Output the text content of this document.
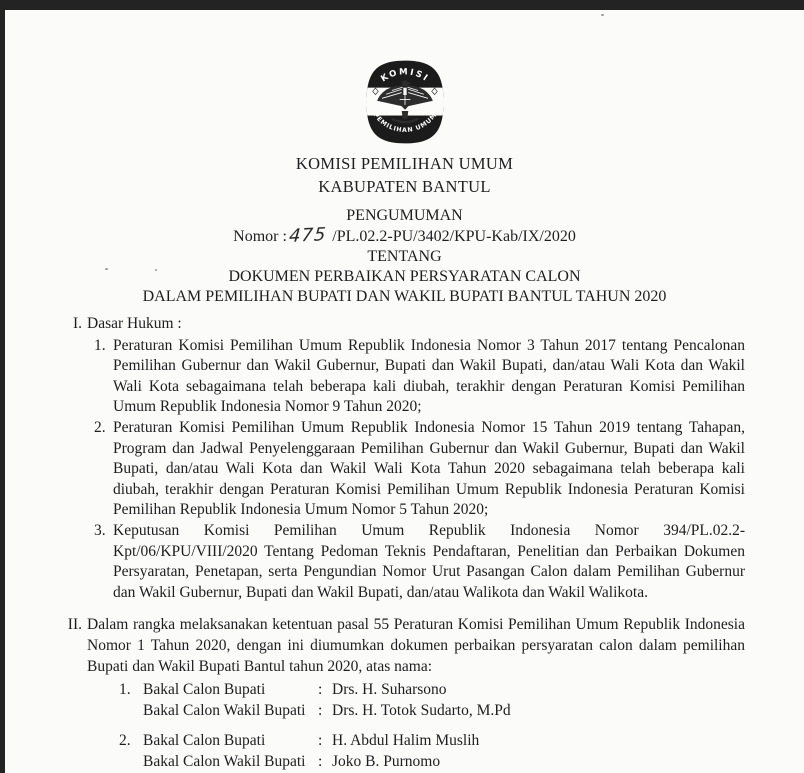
KOMISI
PEMILIHAN UMUM
KOMISI PEMILIHAN UMUM
KABUPATEN BANTUL
PENGUMUMAN
Nomor :475 /PL.02.2-PU/3402/KPU-Kab/IX/2020
TENTANG
DOKUMEN PERBAIKAN PERSYARATAN CALON
DALAM PEMILIHAN BUPATI DAN WAKIL BUPATI BANTUL TAHUN 2020
I. Dasar Hukum :
1. Peraturan Komisi Pemilihan Umum Republik Indonesia Nomor 3 Tahun 2017 tentang Pencalonan Pemilihan Gubernur dan Wakil Gubernur, Bupati dan Wakil Bupati, dan/atau Wali Kota dan Wakil Wali Kota sebagaimana telah beberapa kali diubah, terakhir dengan Peraturan Komisi Pemilihan Umum Republik Indonesia Nomor 9 Tahun 2020;
2. Peraturan Komisi Pemilihan Umum Republik Indonesia Nomor 15 Tahun 2019 tentang Tahapan, Program dan Jadwal Penyelenggaraan Pemilihan Gubernur dan Wakil Gubernur, Bupati dan Wakil Bupati, dan/atau Wali Kota dan Wakil Wali Kota Tahun 2020 sebagaimana telah beberapa kali diubah, terakhir dengan Peraturan Komisi Pemilihan Umum Republik Indonesia Peraturan Komisi Pemilihan Republik Indonesia Umum Nomor 5 Tahun 2020;
3. Keputusan Komisi Pemilihan Umum Republik Indonesia Nomor 394/PL.02.2-Kpt/06/KPU/VIII/2020 Tentang Pedoman Teknis Pendaftaran, Penelitian dan Perbaikan Dokumen Persyaratan, Penetapan, serta Pengundian Nomor Urut Pasangan Calon dalam Pemilihan Gubernur dan Wakil Gubernur, Bupati dan Wakil Bupati, dan/atau Walikota dan Wakil Walikota.
II. Dalam rangka melaksanakan ketentuan pasal 55 Peraturan Komisi Pemilihan Umum Republik Indonesia Nomor 1 Tahun 2020, dengan ini diumumkan dokumen perbaikan persyaratan calon dalam pemilihan Bupati dan Wakil Bupati Bantul tahun 2020, atas nama:
1. Bakal Calon Bupati	: Drs. H. Suharsono
Bakal Calon Wakil Bupati : Drs. H. Totok Sudarto, M.Pd
2. Bakal Calon Bupati	: H. Abdul Halim Muslih
Bakal Calon Wakil Bupati : Joko B. Purnomo
